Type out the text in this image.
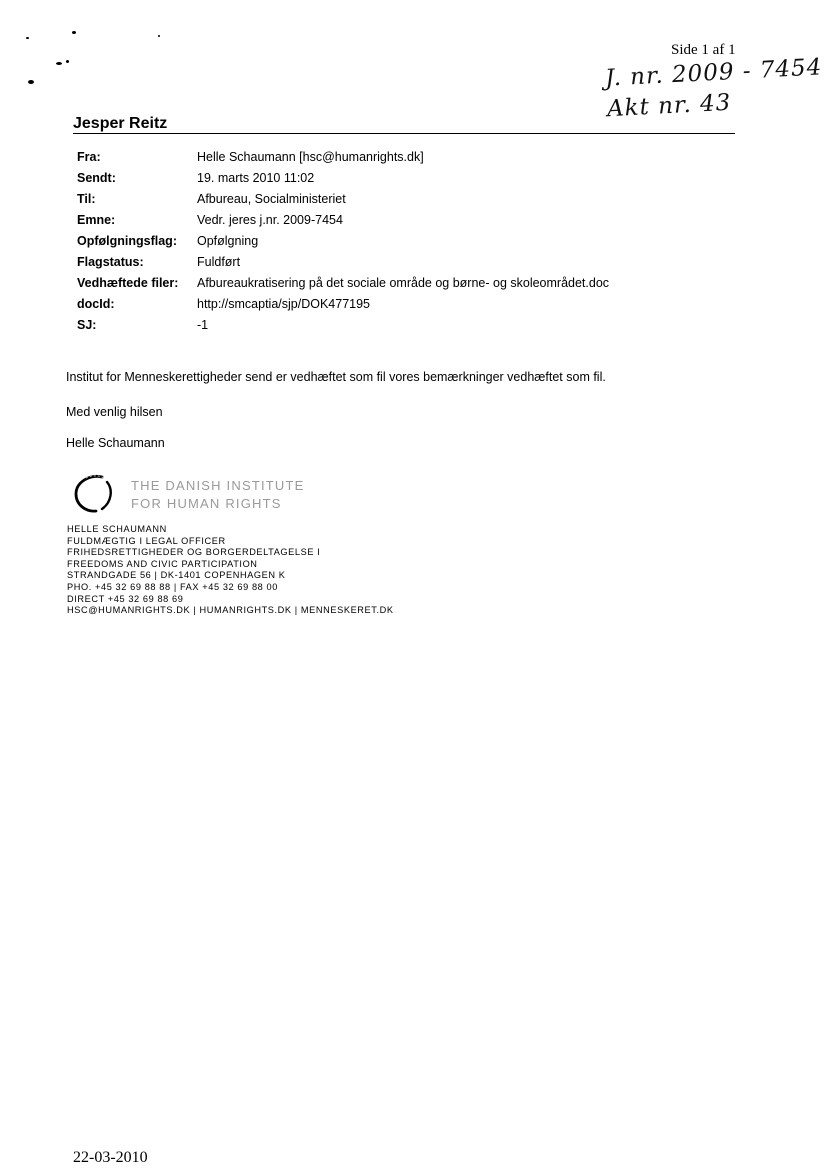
Side 1 af 1
J. nr. 2009 - 7454
Akt nr. 43
Jesper Reitz
Fra:	Helle Schaumann [hsc@humanrights.dk]
Sendt:	19. marts 2010 11:02
Til:	Afbureau, Socialministeriet
Emne:	Vedr. jeres j.nr. 2009-7454
Opfølgningsflag:	Opfølgning
Flagstatus:	Fuldført
Vedhæftede filer:	Afbureaukratisering på det sociale område og børne- og skoleområdet.doc
docId:	http://smcaptia/sjp/DOK477195
SJ:	-1
Institut for Menneskerettigheder send er vedhæftet som fil vores bemærkninger vedhæftet som fil.
Med venlig hilsen
Helle Schaumann
THE DANISH INSTITUTE
FOR HUMAN RIGHTS
HELLE SCHAUMANN
FULDMÆGTIG I LEGAL OFFICER
FRIHEDSRETTIGHEDER OG BORGERDELTAGELSE I
FREEDOMS AND CIVIC PARTICIPATION
STRANDGADE 56 | DK-1401 COPENHAGEN K
PHO. +45 32 69 88 88 | FAX +45 32 69 88 00
DIRECT +45 32 69 88 69
HSC@HUMANRIGHTS.DK | HUMANRIGHTS.DK | MENNESKERET.DK
22-03-2010
